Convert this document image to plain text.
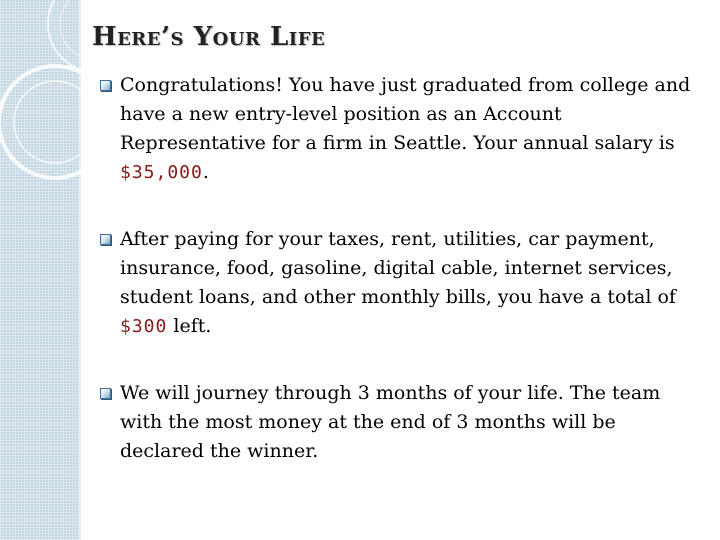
Here’s Your Life
Congratulations! You have just graduated from college and have a new entry-level position as an Account Representative for a firm in Seattle. Your annual salary is $35,000.
After paying for your taxes, rent, utilities, car payment, insurance, food, gasoline, digital cable, internet services, student loans, and other monthly bills, you have a total of $300 left.
We will journey through 3 months of your life. The team with the most money at the end of 3 months will be declared the winner.
